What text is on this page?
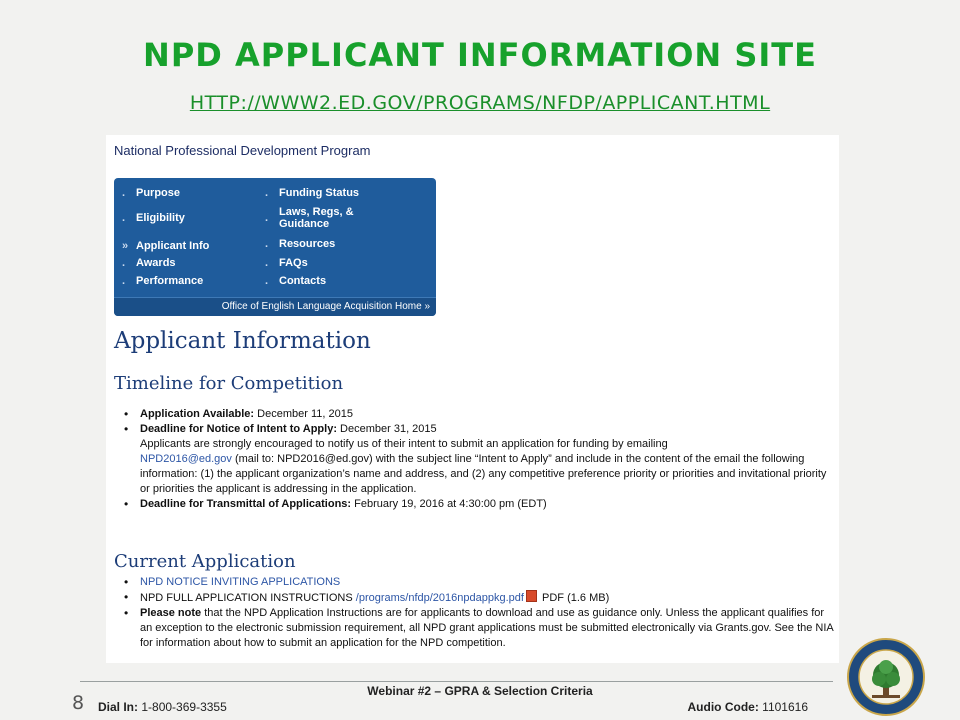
NPD APPLICANT INFORMATION SITE
HTTP://WWW2.ED.GOV/PROGRAMS/NFDP/APPLICANT.HTML
National Professional Development Program
. Purpose
. Eligibility
» Applicant Info
. Awards
. Performance
. Funding Status
. Laws, Regs, &
Guidance
. Resources
. FAQs
. Contacts
Office of English Language Acquisition Home »
Applicant Information
Timeline for Competition
• Application Available: December 11, 2015
• Deadline for Notice of Intent to Apply: December 31, 2015
Applicants are strongly encouraged to notify us of their intent to submit an application for funding by emailing
NPD2016@ed.gov (mail to: NPD2016@ed.gov) with the subject line “Intent to Apply” and include in the content of the email the following information: (1) the applicant organization’s name and address, and (2) any competitive preference priority or priorities and invitational priority or priorities the applicant is addressing in the application.
• Deadline for Transmittal of Applications: February 19, 2016 at 4:30:00 pm (EDT)
Current Application
• NPD NOTICE INVITING APPLICATIONS
• NPD FULL APPLICATION INSTRUCTIONS /programs/nfdp/2016npdappkg.pdf PDF (1.6 MB)
• Please note that the NPD Application Instructions are for applicants to download and use as guidance only. Unless the applicant qualifies for an exception to the electronic submission requirement, all NPD grant applications must be submitted electronically via Grants.gov. See the NIA for information about how to submit an application for the NPD competition.
8
Webinar #2 – GPRA & Selection Criteria
Dial In: 1-800-369-3355	Audio Code: 1101616
